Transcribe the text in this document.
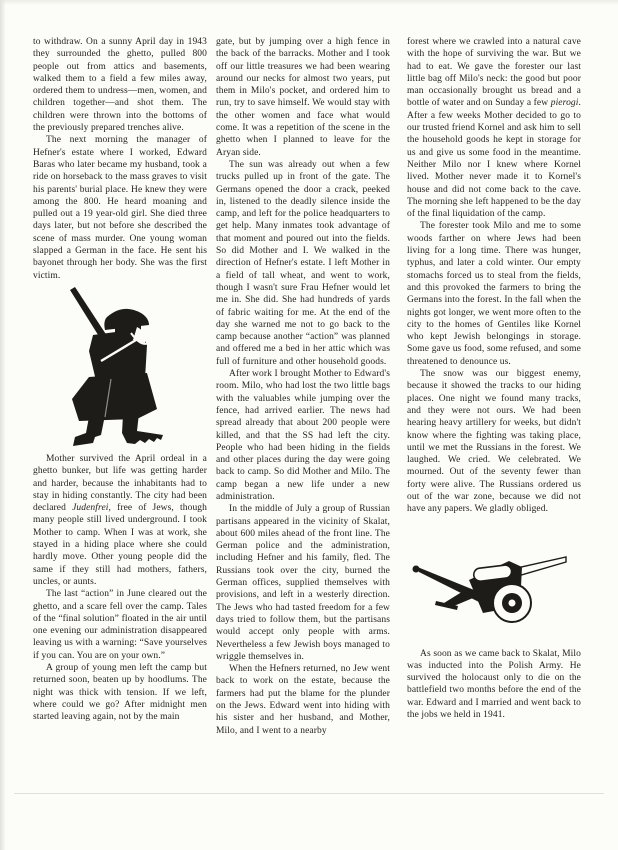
to withdraw. On a sunny April day in 1943 they surrounded the ghetto, pulled 800 people out from attics and basements, walked them to a field a few miles away, ordered them to undress—men, women, and children together—and shot them. The children were thrown into the bottoms of the previously prepared trenches alive.

The next morning the manager of Hefner's estate where I worked, Edward Baras who later became my husband, took a ride on horseback to the mass graves to visit his parents' burial place. He knew they were among the 800. He heard moaning and pulled out a 19 year-old girl. She died three days later, but not before she described the scene of mass murder. One young woman slapped a German in the face. He sent his bayonet through her body. She was the first victim.

Mother survived the April ordeal in a ghetto bunker, but life was getting harder and harder, because the inhabitants had to stay in hiding constantly. The city had been declared Judenfrei, free of Jews, though many people still lived underground. I took Mother to camp. When I was at work, she stayed in a hiding place where she could hardly move. Other young people did the same if they still had mothers, fathers, uncles, or aunts.

The last “action” in June cleared out the ghetto, and a scare fell over the camp. Tales of the “final solution” floated in the air until one evening our administration disappeared leaving us with a warning: “Save yourselves if you can. You are on your own.”

A group of young men left the camp but returned soon, beaten up by hoodlums. The night was thick with tension. If we left, where could we go? After midnight men started leaving again, not by the main

gate, but by jumping over a high fence in the back of the barracks. Mother and I took off our little treasures we had been wearing around our necks for almost two years, put them in Milo's pocket, and ordered him to run, try to save himself. We would stay with the other women and face what would come. It was a repetition of the scene in the ghetto when I planned to leave for the Aryan side.

The sun was already out when a few trucks pulled up in front of the gate. The Germans opened the door a crack, peeked in, listened to the deadly silence inside the camp, and left for the police headquarters to get help. Many inmates took advantage of that moment and poured out into the fields. So did Mother and I. We walked in the direction of Hefner's estate. I left Mother in a field of tall wheat, and went to work, though I wasn't sure Frau Hefner would let me in. She did. She had hundreds of yards of fabric waiting for me. At the end of the day she warned me not to go back to the camp because another “action” was planned and offered me a bed in her attic which was full of furniture and other household goods.

After work I brought Mother to Edward's room. Milo, who had lost the two little bags with the valuables while jumping over the fence, had arrived earlier. The news had spread already that about 200 people were killed, and that the SS had left the city. People who had been hiding in the fields and other places during the day were going back to camp. So did Mother and Milo. The camp began a new life under a new administration.

In the middle of July a group of Russian partisans appeared in the vicinity of Skalat, about 600 miles ahead of the front line. The German police and the administration, including Hefner and his family, fled. The Russians took over the city, burned the German offices, supplied themselves with provisions, and left in a westerly direction. The Jews who had tasted freedom for a few days tried to follow them, but the partisans would accept only people with arms. Nevertheless a few Jewish boys managed to wriggle themselves in.

When the Hefners returned, no Jew went back to work on the estate, because the farmers had put the blame for the plunder on the Jews. Edward went into hiding with his sister and her husband, and Mother, Milo, and I went to a nearby

forest where we crawled into a natural cave with the hope of surviving the war. But we had to eat. We gave the forester our last little bag off Milo's neck: the good but poor man occasionally brought us bread and a bottle of water and on Sunday a few pierogi. After a few weeks Mother decided to go to our trusted friend Kornel and ask him to sell the household goods he kept in storage for us and give us some food in the meantime. Neither Milo nor I knew where Kornel lived. Mother never made it to Kornel's house and did not come back to the cave. The morning she left happened to be the day of the final liquidation of the camp.

The forester took Milo and me to some woods farther on where Jews had been living for a long time. There was hunger, typhus, and later a cold winter. Our empty stomachs forced us to steal from the fields, and this provoked the farmers to bring the Germans into the forest. In the fall when the nights got longer, we went more often to the city to the homes of Gentiles like Kornel who kept Jewish belongings in storage. Some gave us food, some refused, and some threatened to denounce us.

The snow was our biggest enemy, because it showed the tracks to our hiding places. One night we found many tracks, and they were not ours. We had been hearing heavy artillery for weeks, but didn't know where the fighting was taking place, until we met the Russians in the forest. We laughed. We cried. We celebrated. We mourned. Out of the seventy fewer than forty were alive. The Russians ordered us out of the war zone, because we did not have any papers. We gladly obliged.

As soon as we came back to Skalat, Milo was inducted into the Polish Army. He survived the holocaust only to die on the battlefield two months before the end of the war. Edward and I married and went back to the jobs we held in 1941.
